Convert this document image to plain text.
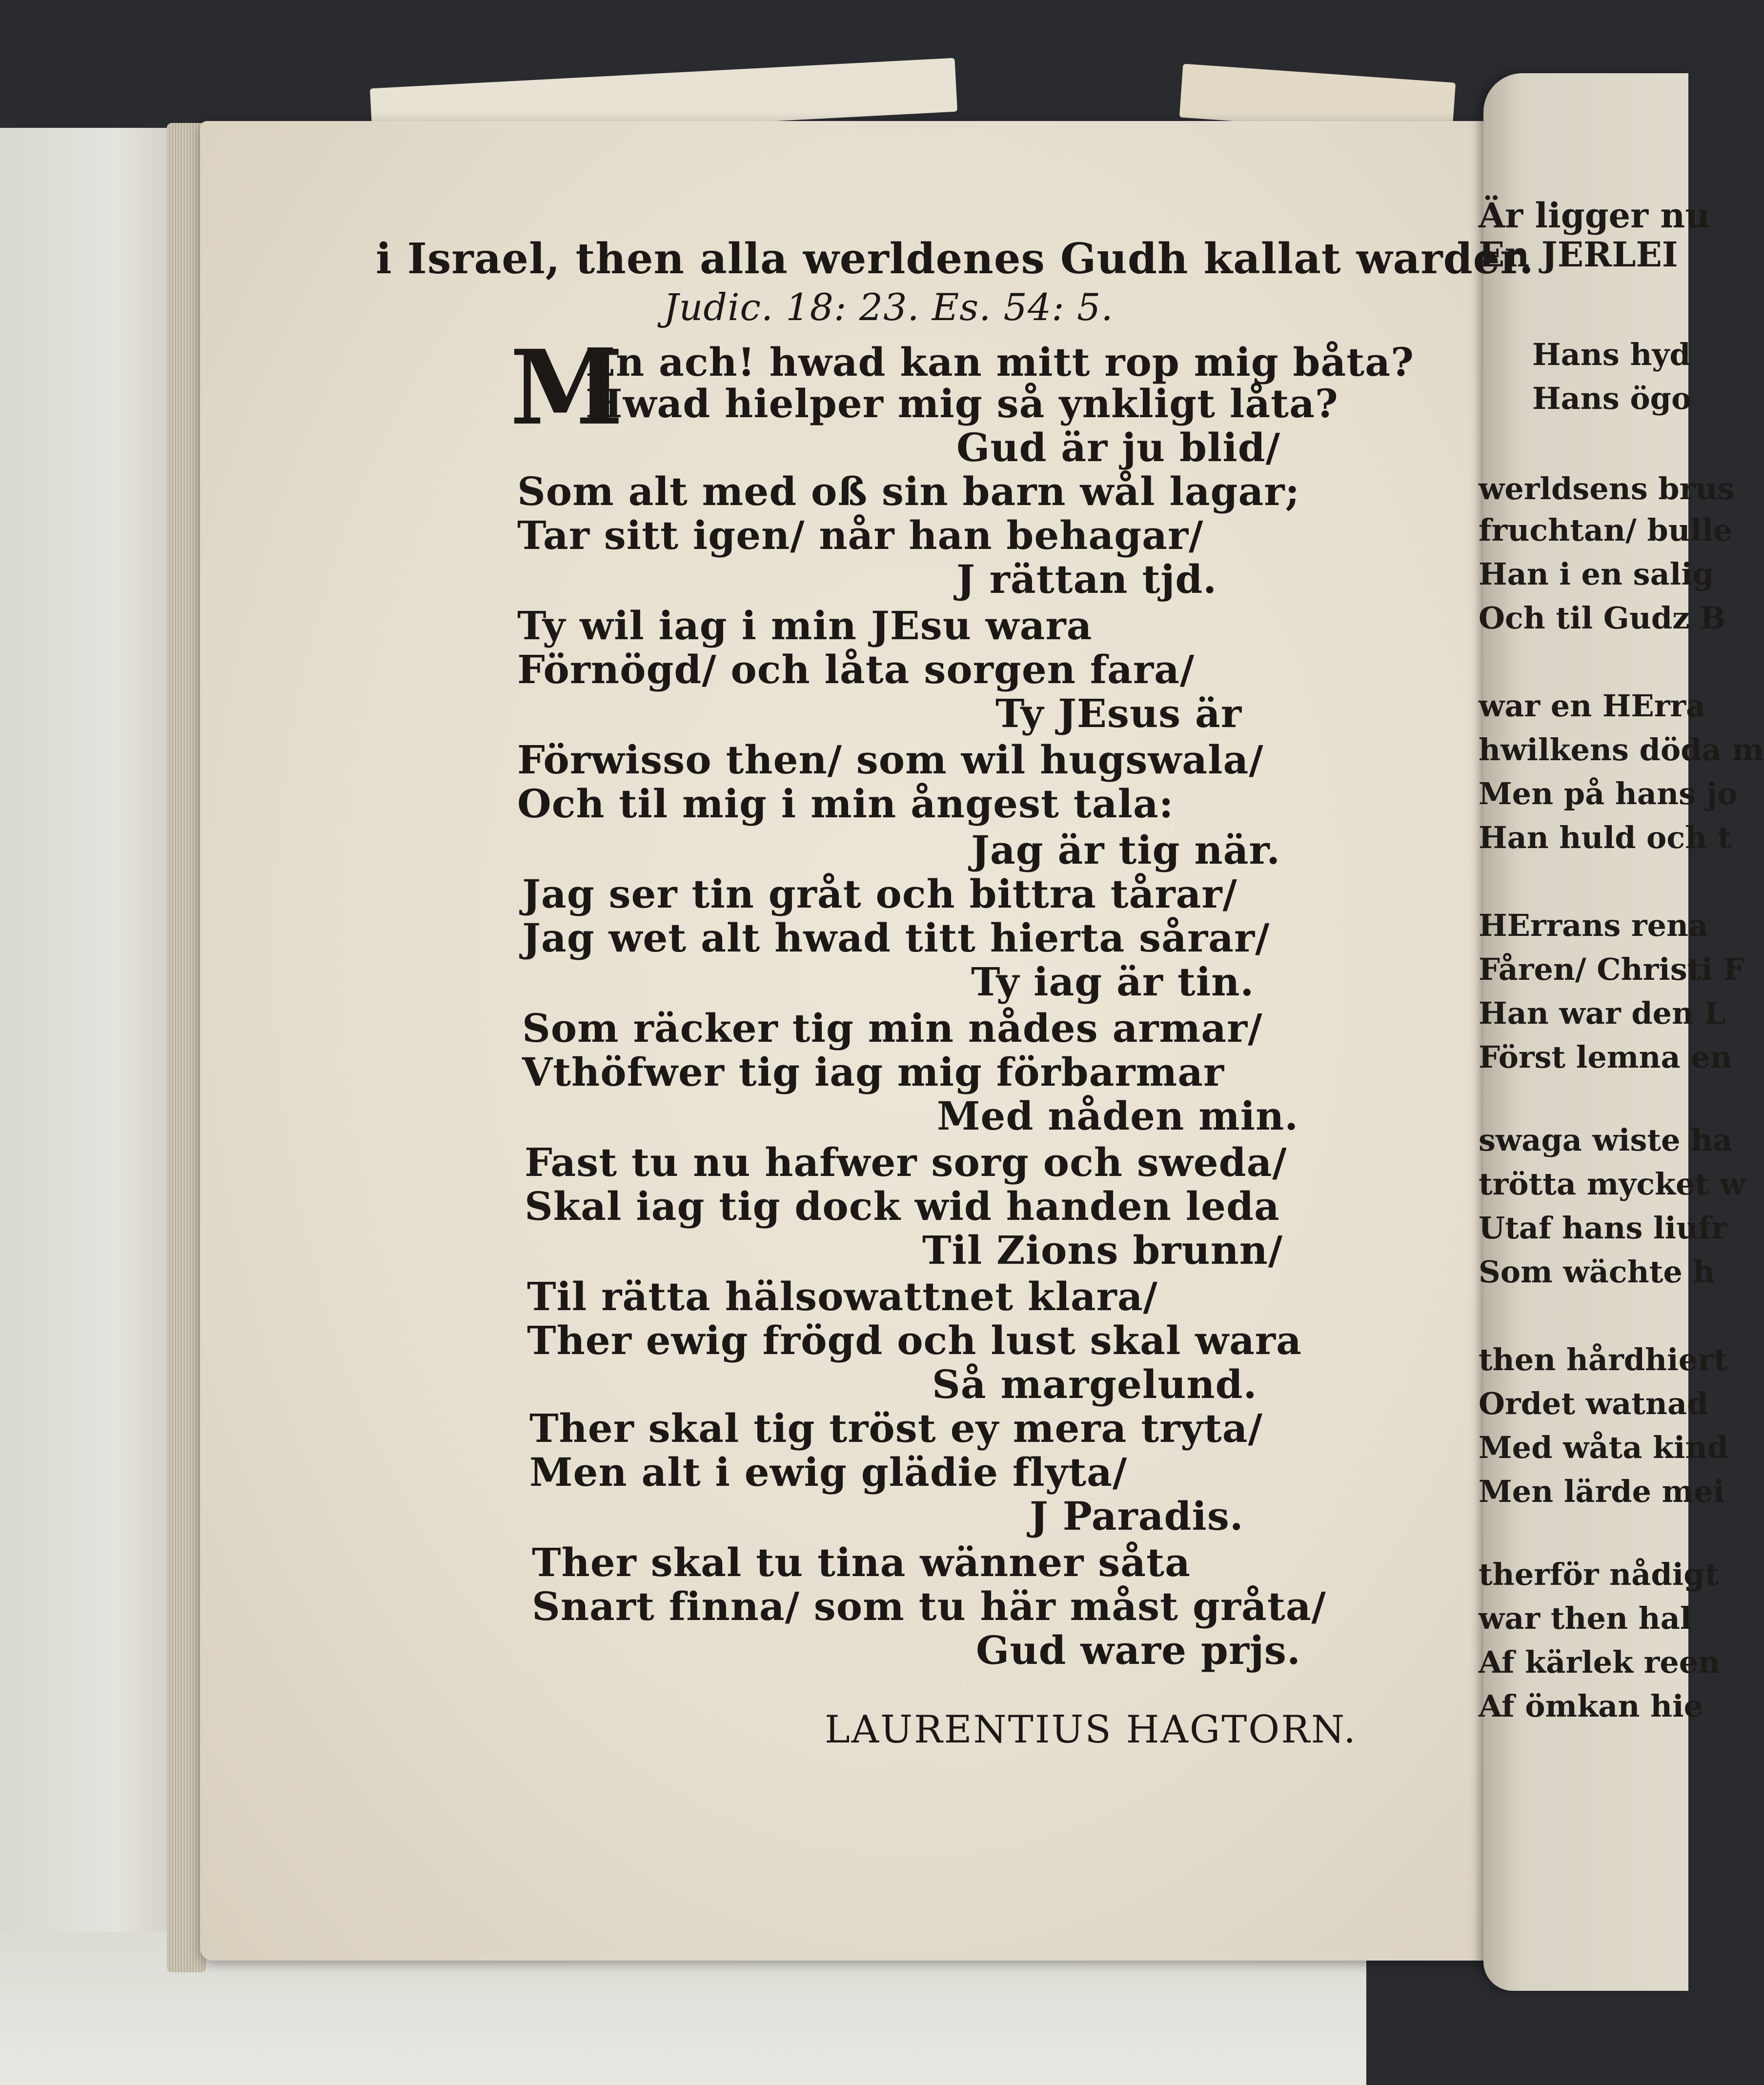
i Israel, then alla werldenes Gudh kallat warder.
Judic. 18: 23. Es. 54: 5.
M
En ach! hwad kan mitt rop mig båta?
Hwad hielper mig så ynkligt låta?
Gud är ju blid/
Som alt med oß sin barn wål lagar;
Tar sitt igen/ når han behagar/
J rättan tjd.
Ty wil iag i min JEsu wara
Förnögd/ och låta sorgen fara/
Ty JEsus är
Förwisso then/ som wil hugswala/
Och til mig i min ångest tala:
Jag är tig när.
Jag ser tin gråt och bittra tårar/
Jag wet alt hwad titt hierta sårar/
Ty iag är tin.
Som räcker tig min nådes armar/
Vthöfwer tig iag mig förbarmar
Med nåden min.
Fast tu nu hafwer sorg och sweda/
Skal iag tig dock wid handen leda
Til Zions brunn/
Til rätta hälsowattnet klara/
Ther ewig frögd och lust skal wara
Så margelund.
Ther skal tig tröst ey mera tryta/
Men alt i ewig glädie flyta/
J Paradis.
Ther skal tu tina wänner såta
Snart finna/ som tu här måst gråta/
Gud ware prjs.
LAURENTIUS HAGTORN.
Är ligger nu
En JERLEI
Hans hyd
Hans ögo
werldsens brus
fruchtan/ bulle
Han i en salig
Och til Gudz B
war en HErra
hwilkens döda m
Men på hans jo
Han huld och t
HErrans rena
Fåren/ Christi F
Han war den L
Först lemna en
swaga wiste ha
trötta mycket w
Utaf hans liufr
Som wächte h
then hårdhiert
Ordet watnad
Med wåta kind
Men lärde mei
therför nådigt
war then hal
Af kärlek reen
Af ömkan hie
